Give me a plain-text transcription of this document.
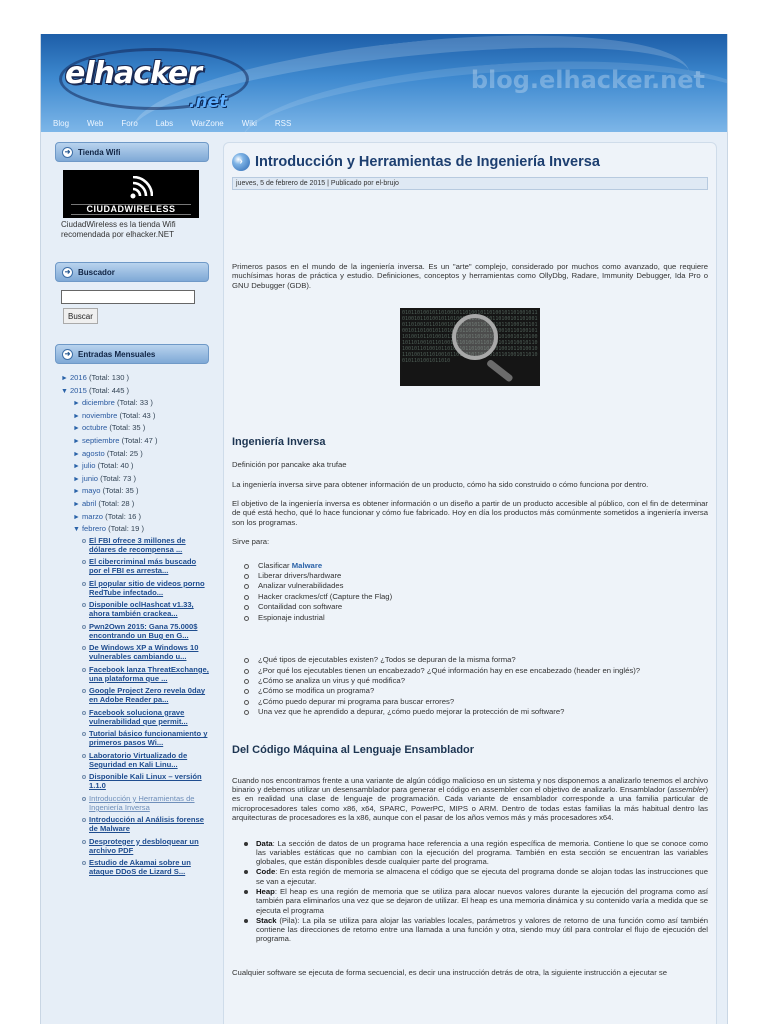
elhacker
.net
blog.elhacker.net
Blog Web Foro Labs WarZone Wiki RSS
➜ Tienda Wifi
CIUDADWIRELESS
CiudadWireless es la tienda Wifi recomendada por elhacker.NET
➜ Buscador
Buscar
➜ Entradas Mensuales
► 2016 (Total: 130 )
▼ 2015 (Total: 445 )
► diciembre (Total: 33 )
► noviembre (Total: 43 )
► octubre (Total: 35 )
► septiembre (Total: 47 )
► agosto (Total: 25 )
► julio (Total: 40 )
► junio (Total: 73 )
► mayo (Total: 35 )
► abril (Total: 28 )
► marzo (Total: 16 )
▼ febrero (Total: 19 )
El FBI ofrece 3 millones de dólares de recompensa ...
El cibercriminal más buscado por el FBI es arresta...
El popular sitio de videos porno RedTube infectado...
Disponible oclHashcat v1.33, ahora también crackea...
Pwn2Own 2015: Gana 75.000$ encontrando un Bug en G...
De Windows XP a Windows 10 vulnerables cambiando u...
Facebook lanza ThreatExchange, una plataforma que ...
Google Project Zero revela 0day en Adobe Reader pa...
Facebook soluciona grave vulnerabilidad que permit...
Tutorial básico funcionamiento y primeros pasos Wi...
Laboratorio Virtualizado de Seguridad en Kali Linu...
Disponible Kali Linux – versión 1.1.0
Introducción y Herramientas de Ingeniería Inversa
Introducción al Análisis forense de Malware
Desproteger y desbloquear un archivo PDF
Estudio de Akamai sobre un ataque DDoS de Lizard S...
› Introducción y Herramientas de Ingeniería Inversa
jueves, 5 de febrero de 2015 | Publicado por el-brujo

Primeros pasos en el mundo de la ingeniería inversa. Es un "arte" complejo, considerado por muchos como avanzado, que requiere muchísimas horas de práctica y estudio. Definiciones, conceptos y herramientas como OllyDbg, Radare, Immunity Debugger, Ida Pro o GNU Debugger (GDB).

0101101001011010010110100101101001011010010110100101101001011010010110100101101001011010010110100101101001011010010110100101101001011010010110100101101001011010010110100101101001011010010110100101101001011010010110100101101001011010010110100101101001011010010110100101101001011010010110100101101001011010010110100101101001011010010110100101101001011010010110100101101001011010
Ingeniería Inversa

Definición por pancake aka trufae

La ingeniería inversa sirve para obtener información de un producto, cómo ha sido construido o cómo funciona por dentro.

El objetivo de la ingeniería inversa es obtener información o un diseño a partir de un producto accesible al público, con el fin de determinar de qué está hecho, qué lo hace funcionar y cómo fue fabricado. Hoy en día los productos más comúnmente sometidos a ingeniería inversa son los programas.

Sirve para:

Clasificar Malware
Liberar drivers/hardware
Analizar vulnerabilidades
Hacker crackmes/ctf (Capture the Flag)
Contailidad con software
Espionaje industrial
¿Qué tipos de ejecutables existen? ¿Todos se depuran de la misma forma?
¿Por qué los ejecutables tienen un encabezado? ¿Qué información hay en ese encabezado (header en inglés)?
¿Cómo se analiza un virus y qué modifica?
¿Cómo se modifica un programa?
¿Cómo puedo depurar mi programa para buscar errores?
Una vez que he aprendido a depurar, ¿cómo puedo mejorar la protección de mi software?
Del Código Máquina al Lenguaje Ensamblador

Cuando nos encontramos frente a una variante de algún código malicioso en un sistema y nos disponemos a analizarlo tenemos el archivo binario y debemos utilizar un desensamblador para generar el código en assembler con el objetivo de analizarlo. Ensamblador (assembler) es en realidad una clase de lenguaje de programación. Cada variante de ensamblador corresponde a una familia particular de microprocesadores tales como x86, x64, SPARC, PowerPC, MIPS o ARM. Dentro de todas estas familias la más habitual dentro las arquitecturas de procesadores es la x86, aunque con el pasar de los años vemos más y más procesadores x64.

Data: La sección de datos de un programa hace referencia a una región específica de memoria. Contiene lo que se conoce como las variables estáticas que no cambian con la ejecución del programa. También en esta sección se encuentran las variables globales, que están disponibles desde cualquier parte del programa.
Code: En esta región de memoria se almacena el código que se ejecuta del programa donde se alojan todas las instrucciones que se van a ejecutar.
Heap: El heap es una región de memoria que se utiliza para alocar nuevos valores durante la ejecución del programa como así también para eliminarlos una vez que se dejaron de utilizar. El heap es una memoria dinámica y su contenido varía a medida que se ejecuta el programa
Stack (Pila): La pila se utiliza para alojar las variables locales, parámetros y valores de retorno de una función como así también contiene las direcciones de retorno entre una llamada a una función y otra, siendo muy útil para controlar el flujo de ejecución del programa.

Cualquier software se ejecuta de forma secuencial, es decir una instrucción detrás de otra, la siguiente instrucción a ejecutar se
